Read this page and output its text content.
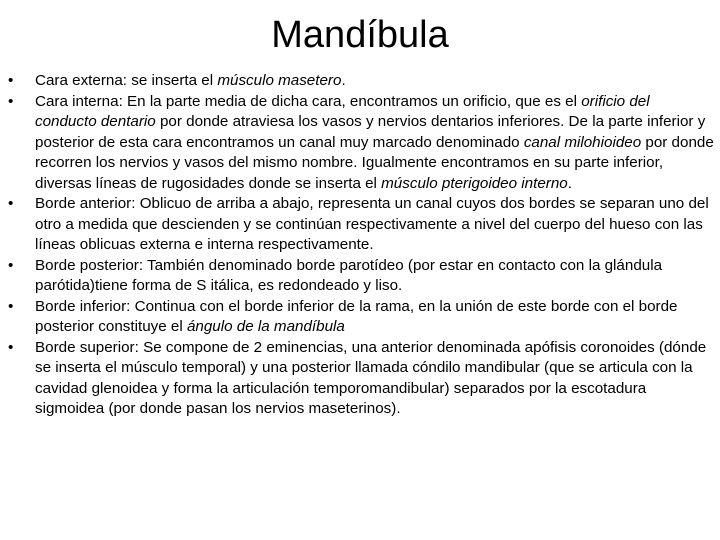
Mandíbula
•	Cara externa: se inserta el músculo masetero.
•	Cara interna: En la parte media de dicha cara, encontramos un orificio, que es el orificio del conducto dentario por donde atraviesa los vasos y nervios dentarios inferiores. De la parte inferior y posterior de esta cara encontramos un canal muy marcado denominado canal milohioideo por donde recorren los nervios y vasos del mismo nombre. Igualmente encontramos en su parte inferior, diversas líneas de rugosidades donde se inserta el músculo pterigoideo interno.
•	Borde anterior: Oblicuo de arriba a abajo, representa un canal cuyos dos bordes se separan uno del otro a medida que descienden y se continúan respectivamente a nivel del cuerpo del hueso con las líneas oblicuas externa e interna respectivamente.
•	Borde posterior: También denominado borde parotídeo (por estar en contacto con la glándula parótida)tiene forma de S itálica, es redondeado y liso.
•	Borde inferior: Continua con el borde inferior de la rama, en la unión de este borde con el borde posterior constituye el ángulo de la mandíbula
•	Borde superior: Se compone de 2 eminencias, una anterior denominada apófisis coronoides (dónde se inserta el músculo temporal) y una posterior llamada cóndilo mandibular (que se articula con la cavidad glenoidea y forma la articulación temporomandibular) separados por la escotadura sigmoidea (por donde pasan los nervios maseterinos).
